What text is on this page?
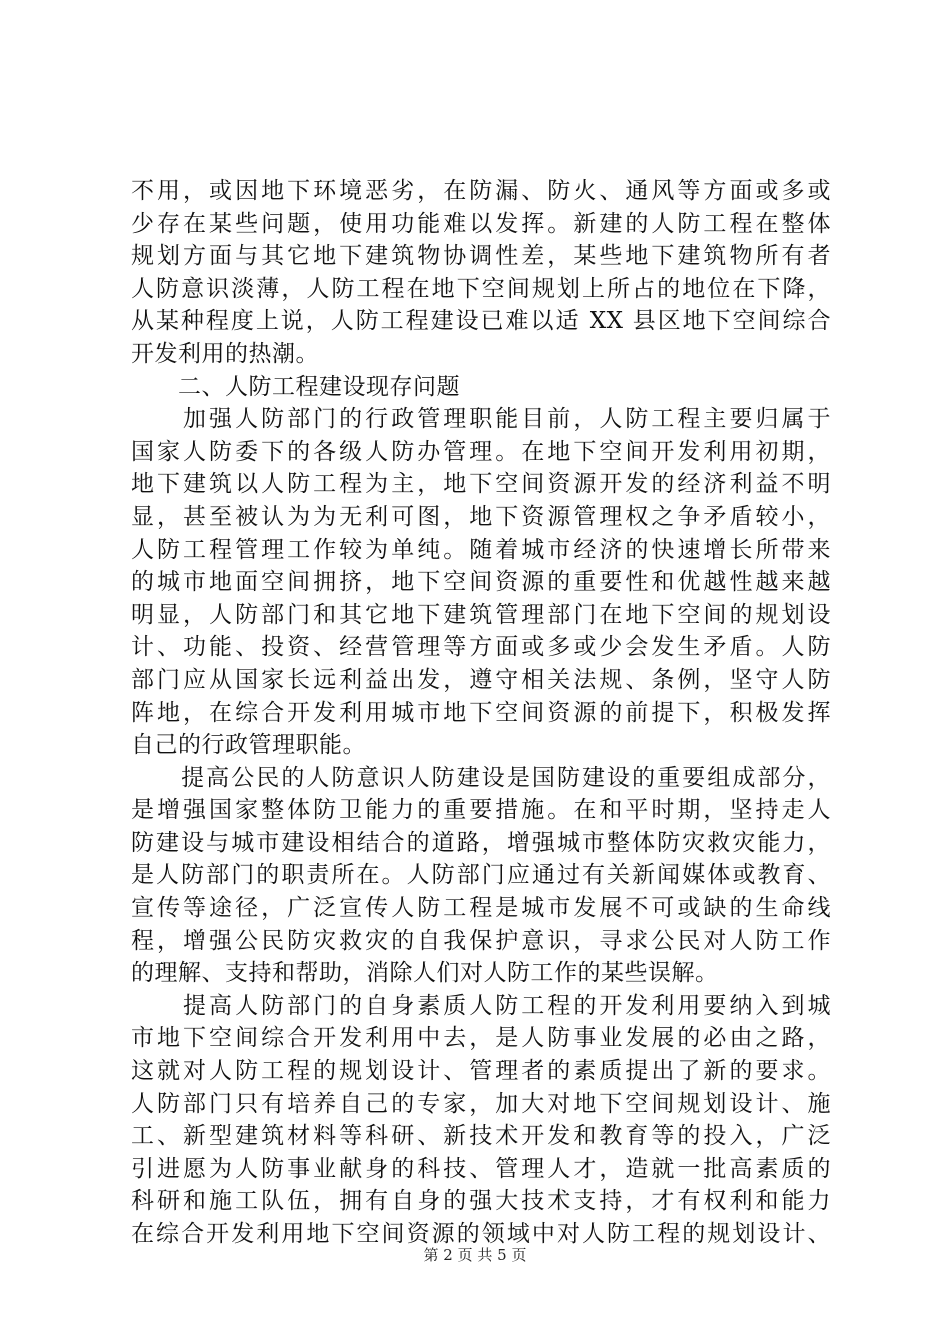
不用，或因地下环境恶劣，在防漏、防火、通风等方面或多或
少存在某些问题，使用功能难以发挥。新建的人防工程在整体
规划方面与其它地下建筑物协调性差，某些地下建筑物所有者
人防意识淡薄，人防工程在地下空间规划上所占的地位在下降，
从某种程度上说，人防工程建设已难以适 XX 县区地下空间综合
开发利用的热潮。
　　二、人防工程建设现存问题
　　加强人防部门的行政管理职能目前，人防工程主要归属于
国家人防委下的各级人防办管理。在地下空间开发利用初期，
地下建筑以人防工程为主，地下空间资源开发的经济利益不明
显，甚至被认为为无利可图，地下资源管理权之争矛盾较小，
人防工程管理工作较为单纯。随着城市经济的快速增长所带来
的城市地面空间拥挤，地下空间资源的重要性和优越性越来越
明显，人防部门和其它地下建筑管理部门在地下空间的规划设
计、功能、投资、经营管理等方面或多或少会发生矛盾。人防
部门应从国家长远利益出发，遵守相关法规、条例，坚守人防
阵地，在综合开发利用城市地下空间资源的前提下，积极发挥
自己的行政管理职能。
　　提高公民的人防意识人防建设是国防建设的重要组成部分，
是增强国家整体防卫能力的重要措施。在和平时期，坚持走人
防建设与城市建设相结合的道路，增强城市整体防灾救灾能力，
是人防部门的职责所在。人防部门应通过有关新闻媒体或教育、
宣传等途径，广泛宣传人防工程是城市发展不可或缺的生命线
程，增强公民防灾救灾的自我保护意识，寻求公民对人防工作
的理解、支持和帮助，消除人们对人防工作的某些误解。
　　提高人防部门的自身素质人防工程的开发利用要纳入到城
市地下空间综合开发利用中去，是人防事业发展的必由之路，
这就对人防工程的规划设计、管理者的素质提出了新的要求。
人防部门只有培养自己的专家，加大对地下空间规划设计、施
工、新型建筑材料等科研、新技术开发和教育等的投入，广泛
引进愿为人防事业献身的科技、管理人才，造就一批高素质的
科研和施工队伍，拥有自身的强大技术支持，才有权利和能力
在综合开发利用地下空间资源的领域中对人防工程的规划设计、
第 2 页 共 5 页
